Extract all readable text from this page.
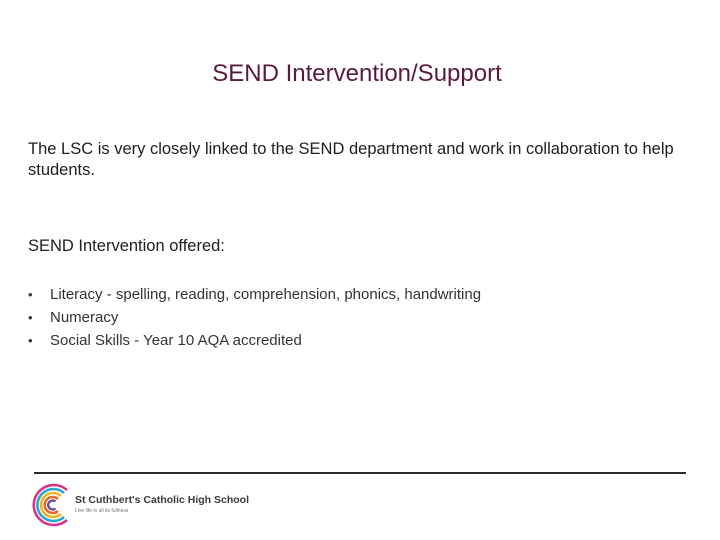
SEND Intervention/Support
The LSC is very closely linked to the SEND department and work in collaboration to help students.
SEND Intervention offered:
• Literacy - spelling, reading, comprehension, phonics, handwriting
• Numeracy
• Social Skills - Year 10 AQA accredited
St Cuthbert's Catholic High School
Live life in all its fullness
